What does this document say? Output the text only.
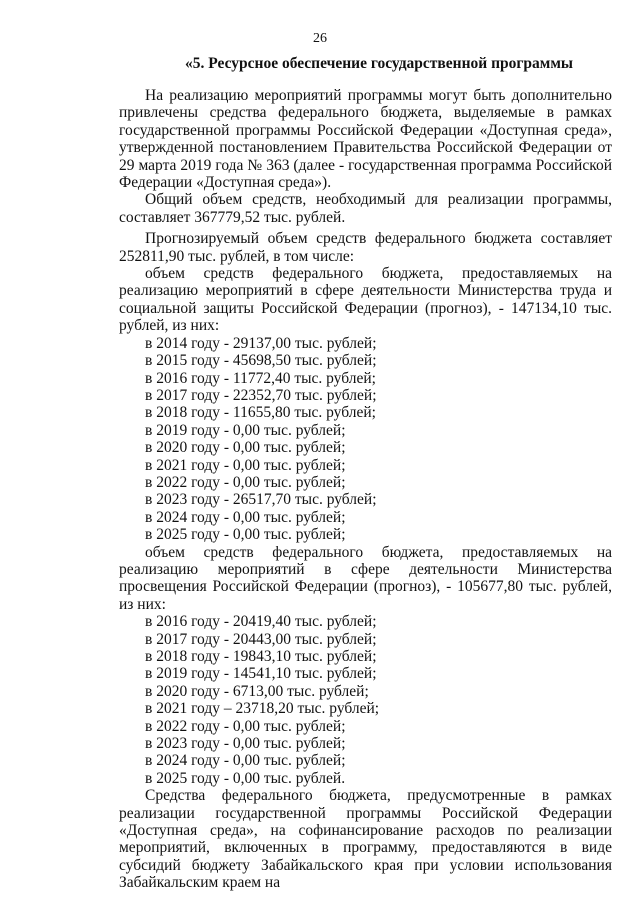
26
«5. Ресурсное обеспечение государственной программы

На реализацию мероприятий программы могут быть дополнительно привлечены средства федерального бюджета, выделяемые в рамках государственной программы Российской Федерации «Доступная среда», утвержденной постановлением Правительства Российской Федерации от 29 марта 2019 года № 363 (далее - государственная программа Российской Федерации «Доступная среда»).

Общий объем средств, необходимый для реализации программы, составляет 367779,52 тыс. рублей.

Прогнозируемый объем средств федерального бюджета составляет 252811,90 тыс. рублей, в том числе:

объем средств федерального бюджета, предоставляемых на реализацию мероприятий в сфере деятельности Министерства труда и социальной защиты Российской Федерации (прогноз), - 147134,10 тыс. рублей, из них:

в 2014 году - 29137,00 тыс. рублей;

в 2015 году - 45698,50 тыс. рублей;

в 2016 году - 11772,40 тыс. рублей;

в 2017 году - 22352,70 тыс. рублей;

в 2018 году - 11655,80 тыс. рублей;

в 2019 году - 0,00 тыс. рублей;

в 2020 году - 0,00 тыс. рублей;

в 2021 году - 0,00 тыс. рублей;

в 2022 году - 0,00 тыс. рублей;

в 2023 году - 26517,70 тыс. рублей;

в 2024 году - 0,00 тыс. рублей;

в 2025 году - 0,00 тыс. рублей;

объем средств федерального бюджета, предоставляемых на реализацию мероприятий в сфере деятельности Министерства просвещения Российской Федерации (прогноз), - 105677,80 тыс. рублей, из них:

в 2016 году - 20419,40 тыс. рублей;

в 2017 году - 20443,00 тыс. рублей;

в 2018 году - 19843,10 тыс. рублей;

в 2019 году - 14541,10 тыс. рублей;

в 2020 году - 6713,00 тыс. рублей;

в 2021 году – 23718,20 тыс. рублей;

в 2022 году - 0,00 тыс. рублей;

в 2023 году - 0,00 тыс. рублей;

в 2024 году - 0,00 тыс. рублей;

в 2025 году - 0,00 тыс. рублей.

Средства федерального бюджета, предусмотренные в рамках реализации государственной программы Российской Федерации «Доступная среда», на софинансирование расходов по реализации мероприятий, включенных в программу, предоставляются в виде субсидий бюджету Забайкальского края при условии использования Забайкальским краем на
